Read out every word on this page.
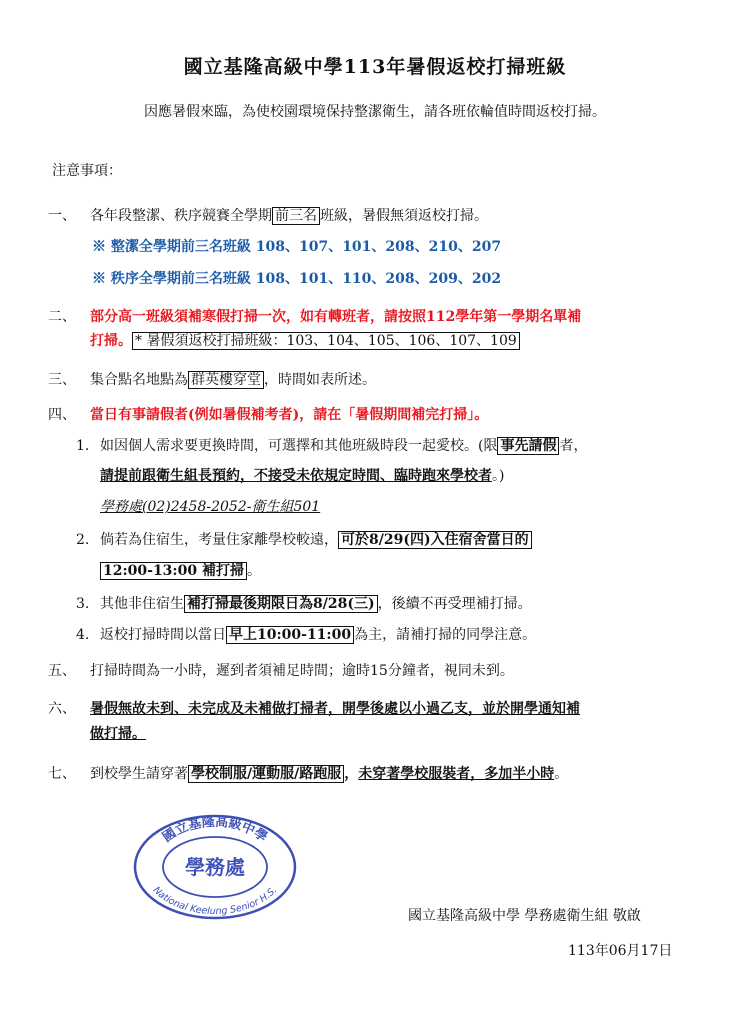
國立基隆高級中學113年暑假返校打掃班級
因應暑假來臨，為使校園環境保持整潔衛生，請各班依輪值時間返校打掃。
注意事項：
一、 各年段整潔、秩序競賽全學期 前三名 班級，暑假無須返校打掃。
※ 整潔全學期前三名班級 108、107、101、208、210、207
※ 秩序全學期前三名班級 108、101、110、208、209、202
二、 部分高一班級須補寒假打掃一次，如有轉班者，請按照112學年第一學期名單補
打掃。 * 暑假須返校打掃班級：103、104、105、106、107、109
三、 集合點名地點為 群英樓穿堂 ，時間如表所述。
四、 當日有事請假者(例如暑假補考者)，請在「暑假期間補完打掃」。
1. 如因個人需求要更換時間，可選擇和其他班級時段一起愛校。(限 事先請假 者，
請提前跟衛生組長預約，不接受未依規定時間、臨時跑來學校者。)
學務處(02)2458-2052-衛生組501
2. 倘若為住宿生，考量住家離學校較遠， 可於8/29(四)入住宿舍當日的
12:00-13:00 補打掃 。
3. 其他非住宿生 補打掃最後期限日為8/28(三) ，後續不再受理補打掃。
4. 返校打掃時間以當日 早上10:00-11:00 為主，請補打掃的同學注意。
五、 打掃時間為一小時，遲到者須補足時間；逾時15分鐘者，視同未到。
六、 暑假無故未到、未完成及未補做打掃者，開學後處以小過乙支，並於開學通知補
做打掃。
七、 到校學生請穿著 學校制服/運動服/路跑服 ，未穿著學校服裝者，多加半小時。
國立基隆高級中學
學務處
National Keelung Senior H.S.
國立基隆高級中學 學務處衛生組 敬啟
113年06月17日
